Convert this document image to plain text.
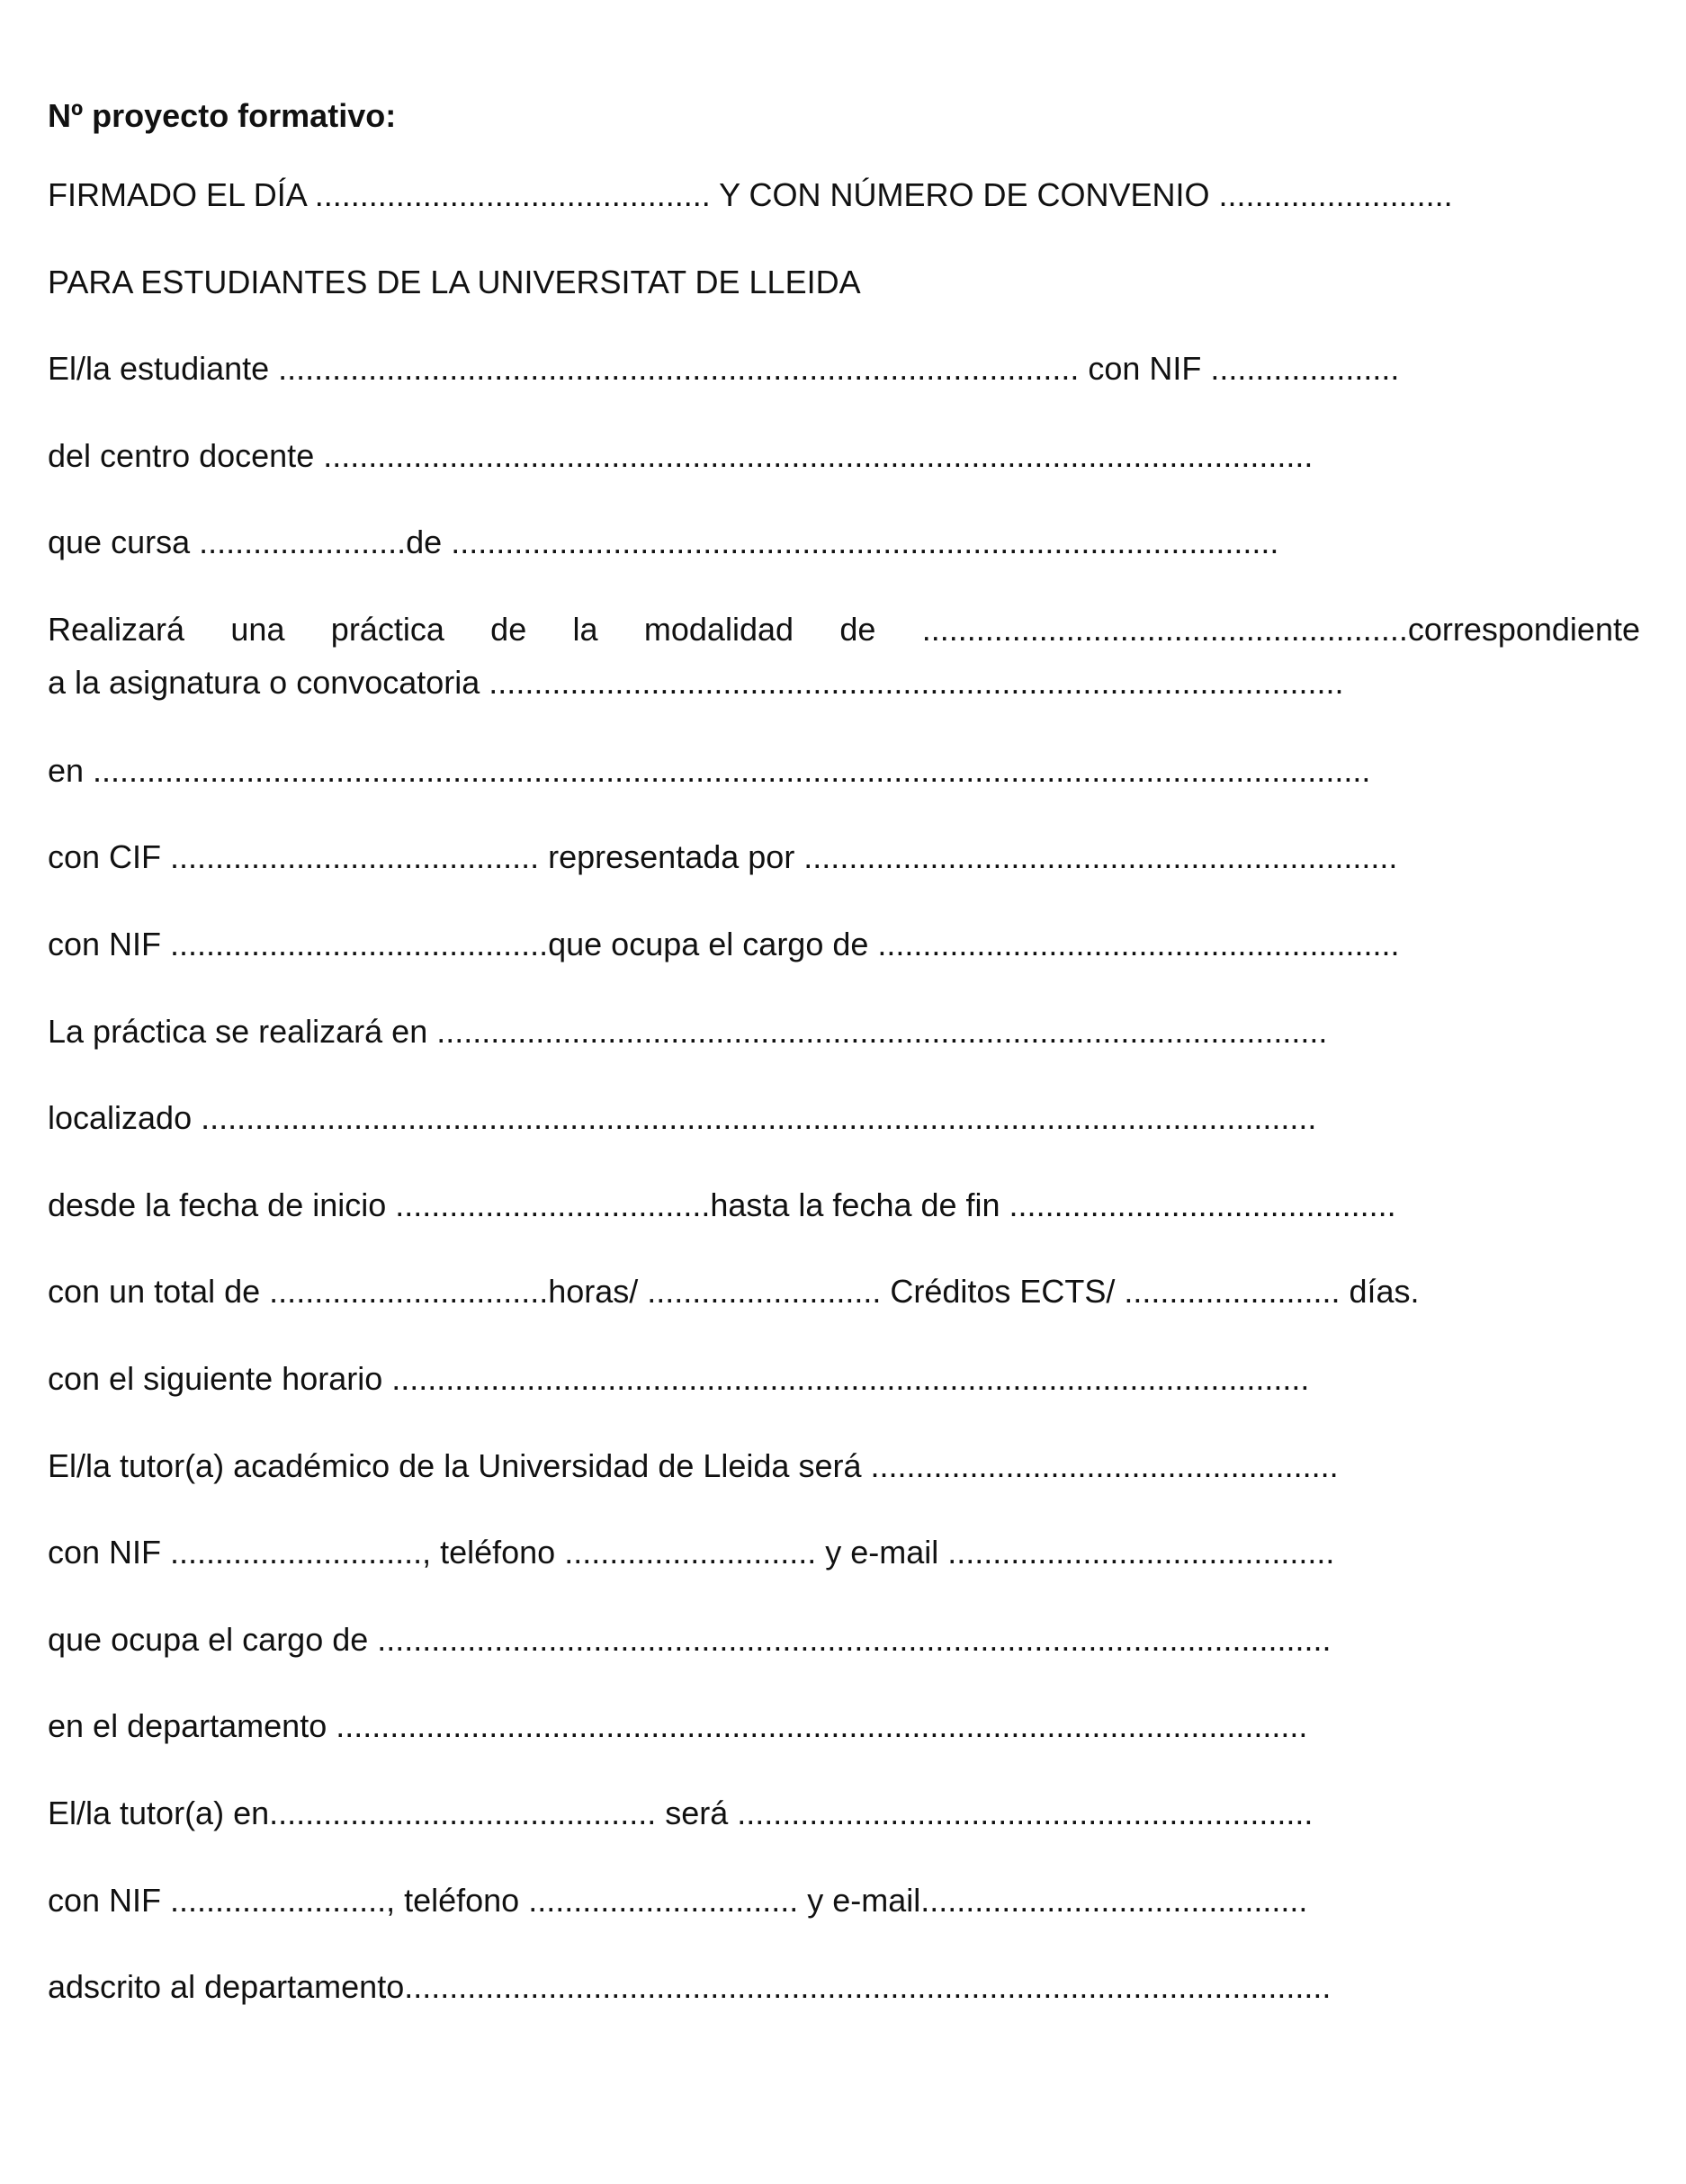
Nº proyecto formativo:
FIRMADO EL DÍA ............................................ Y CON NÚMERO DE CONVENIO ..........................
PARA ESTUDIANTES DE LA UNIVERSITAT DE LLEIDA
El/la estudiante ......................................................................................... con NIF .....................
del centro docente ..............................................................................................................
que cursa .......................de ............................................................................................
Realizará una práctica de la modalidad de ......................................................correspondiente
a la asignatura o convocatoria ...............................................................................................
en ..............................................................................................................................................
con CIF ......................................... representada por ..................................................................
con NIF ..........................................que ocupa el cargo de ..........................................................
La práctica se realizará en ...................................................................................................
localizado ............................................................................................................................
desde la fecha de inicio ...................................hasta la fecha de fin ...........................................
con un total de ...............................horas/ .......................... Créditos ECTS/ ........................ días.
con el siguiente horario ......................................................................................................
El/la tutor(a) académico de la Universidad de Lleida será ....................................................
con NIF ............................, teléfono ............................ y e-mail ...........................................
que ocupa el cargo de ..........................................................................................................
en el departamento ............................................................................................................
El/la tutor(a) en........................................... será ................................................................
con NIF ........................, teléfono .............................. y e-mail...........................................
adscrito al departamento.......................................................................................................
